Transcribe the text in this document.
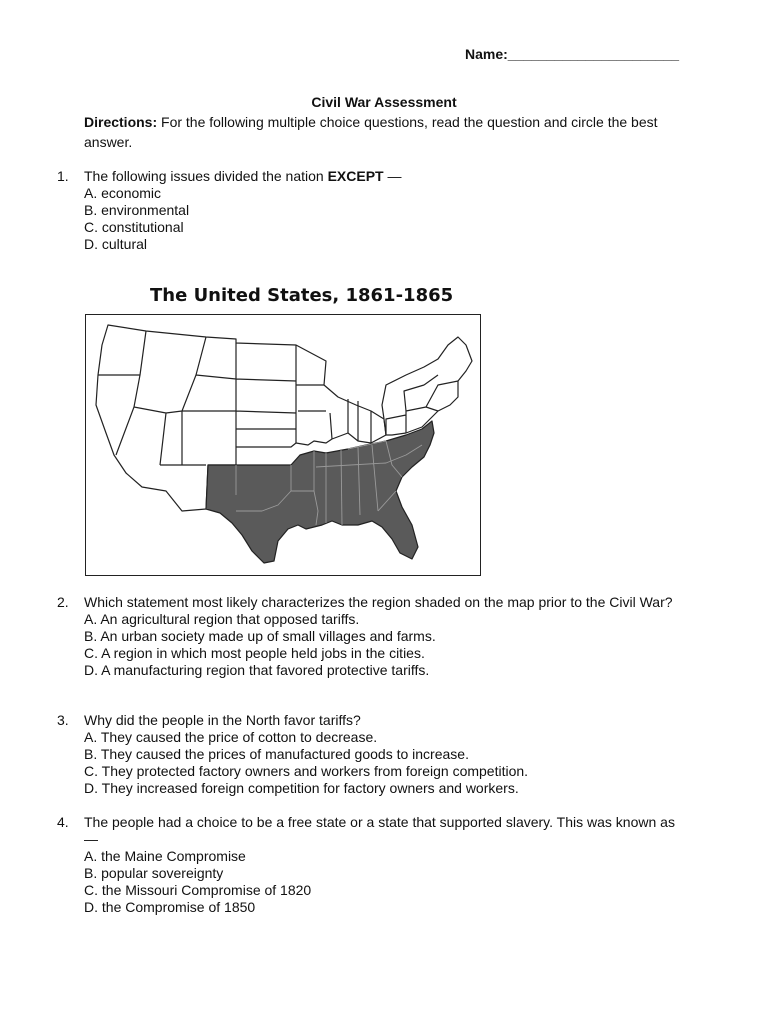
Name:______________________
Civil War Assessment
Directions: For the following multiple choice questions, read the question and circle the best answer.
1. The following issues divided the nation EXCEPT —
A. economic
B. environmental
C. constitutional
D. cultural
The United States, 1861-1865
2. Which statement most likely characterizes the region shaded on the map prior to the Civil War?
A. An agricultural region that opposed tariffs.
B. An urban society made up of small villages and farms.
C. A region in which most people held jobs in the cities.
D. A manufacturing region that favored protective tariffs.
3. Why did the people in the North favor tariffs?
A. They caused the price of cotton to decrease.
B. They caused the prices of manufactured goods to increase.
C. They protected factory owners and workers from foreign competition.
D. They increased foreign competition for factory owners and workers.
4. The people had a choice to be a free state or a state that supported slavery. This was known as —
A. the Maine Compromise
B. popular sovereignty
C. the Missouri Compromise of 1820
D. the Compromise of 1850
